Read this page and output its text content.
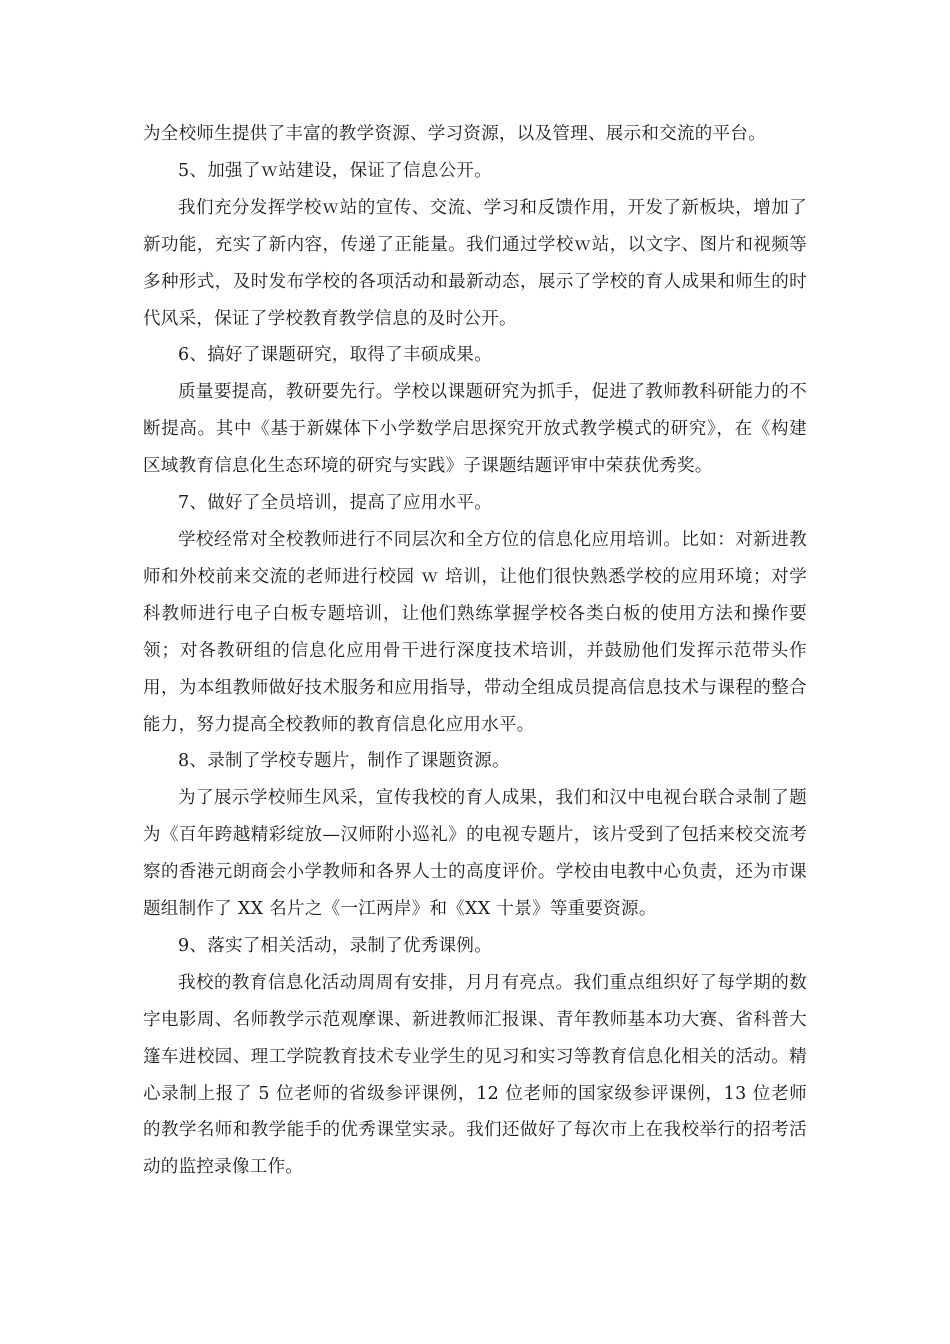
为全校师生提供了丰富的教学资源、学习资源，以及管理、展示和交流的平台。

5、加强了ｗ站建设，保证了信息公开。

我们充分发挥学校ｗ站的宣传、交流、学习和反馈作用，开发了新板块，增加了新功能，充实了新内容，传递了正能量。我们通过学校ｗ站，以文字、图片和视频等多种形式，及时发布学校的各项活动和最新动态，展示了学校的育人成果和师生的时代风采，保证了学校教育教学信息的及时公开。

6、搞好了课题研究，取得了丰硕成果。

质量要提高，教研要先行。学校以课题研究为抓手，促进了教师教科研能力的不断提高。其中《基于新媒体下小学数学启思探究开放式教学模式的研究》，在《构建区域教育信息化生态环境的研究与实践》子课题结题评审中荣获优秀奖。

7、做好了全员培训，提高了应用水平。

学校经常对全校教师进行不同层次和全方位的信息化应用培训。比如：对新进教师和外校前来交流的老师进行校园 ｗ 培训，让他们很快熟悉学校的应用环境；对学科教师进行电子白板专题培训，让他们熟练掌握学校各类白板的使用方法和操作要领；对各教研组的信息化应用骨干进行深度技术培训，并鼓励他们发挥示范带头作用，为本组教师做好技术服务和应用指导，带动全组成员提高信息技术与课程的整合能力，努力提高全校教师的教育信息化应用水平。

8、录制了学校专题片，制作了课题资源。

为了展示学校师生风采，宣传我校的育人成果，我们和汉中电视台联合录制了题为《百年跨越精彩绽放—汉师附小巡礼》的电视专题片，该片受到了包括来校交流考察的香港元朗商会小学教师和各界人士的高度评价。学校由电教中心负责，还为市课题组制作了 XX 名片之《一江两岸》和《XX 十景》等重要资源。

9、落实了相关活动，录制了优秀课例。

我校的教育信息化活动周周有安排，月月有亮点。我们重点组织好了每学期的数字电影周、名师教学示范观摩课、新进教师汇报课、青年教师基本功大赛、省科普大篷车进校园、理工学院教育技术专业学生的见习和实习等教育信息化相关的活动。精心录制上报了 5 位老师的省级参评课例，12 位老师的国家级参评课例，13 位老师的教学名师和教学能手的优秀课堂实录。我们还做好了每次市上在我校举行的招考活动的监控录像工作。
